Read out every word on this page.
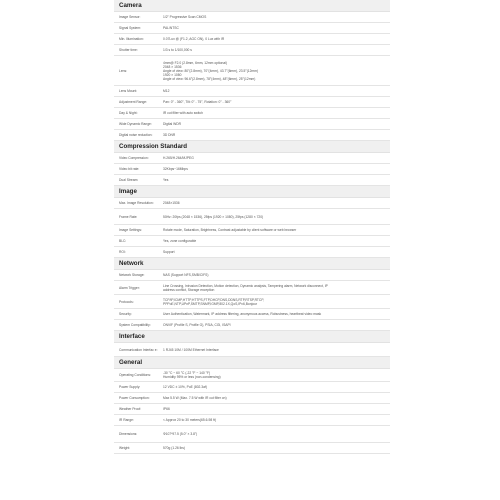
Camera
Image Sensor:	1/2" Progressive Scan CMOS
Signal System:	PAL/NTSC
Min. Illumination:	0.07Lux @ (F1.2, AGC ON), 0 Lux with IR
Shutter time:	1/3 s to 1/100,000 s
Lens:
4mm@ F2.0 (2.8mm, 6mm, 12mm optional)
2048 × 1536
Angle of view: 80°(2.8mm), 70°(4mm), 43.7°(6mm), 23.5°(12mm)
1920 × 1080
Angle of view: 96.6°(2.8mm), 78°(4mm), 48°(6mm), 25°(12mm)
Lens Mount:	M12
Adjustment Range:	Pan: 0° - 360°, Tilt: 0° - 75°, Rotation: 0° - 360°
Day & Night:	IR cut filter with auto switch
Wide Dynamic Range:	Digital WDR
Digital noise reduction:	3D DNR
Compression Standard
Video Compression:	H.265/H.264/MJPEG
Video bit rate:	32Kbps~16Mbps
Dual Stream:	Yes
Image
Max. Image Resolution:	2048×1536
Frame Rate:	50Hz: 20fps (2048 × 1536), 25fps (1920 × 1080), 25fps (1280 × 720)
Image Settings:	Rotate mode, Saturation, Brightness, Contrast adjustable by client software or web browser
BLC:	Yes, zone configurable
ROI:	Support
Network
Network Storage:	NAS (Support NFS,SMB/CIFS)
Alarm Trigger:	Line Crossing, Intrusion Detection, Motion detection, Dynamic analysis, Tampering alarm, Network disconnect, IP
address conflict, Storage exception
Protocols:	TCP/IP,ICMP,HTTP,HTTPS,FTP,DHCP,DNS,DDNS,RTP,RTSP,RTCP,
PPPoE,NTP,UPnP,SMTP,SNMP,IGMP,802.1X,QoS,IPv6,Bonjour
Security:	User Authentication, Watermark, IP address filtering, anonymous access, Robustness, heartbeat video mask
System Compatibility:	ONVIF (Profile S, Profile G), PSIA, CGI, ISAPI
Interface
Communication Interfac e:	1 RJ45 10M / 100M Ethernet Interface
General
Operating Conditions:	-30 °C ~ 60 °C (-22 °F ~ 140 °F)
Humidity 95% or less (non-condensing)
Power Supply:	12 VDC ± 10%, PoE (802.3af)
Power Consumption:	Max 5.5 W (Max. 7.5 W with IR cut filter on)
Weather Proof:	IP66
IR Range:	< Approx 20 to 30 meters(65.6-98 ft)
Dimensions:	Φ107*97.5 (5.0" × 3.8")
Weight:	570g (1.26 lbs)
